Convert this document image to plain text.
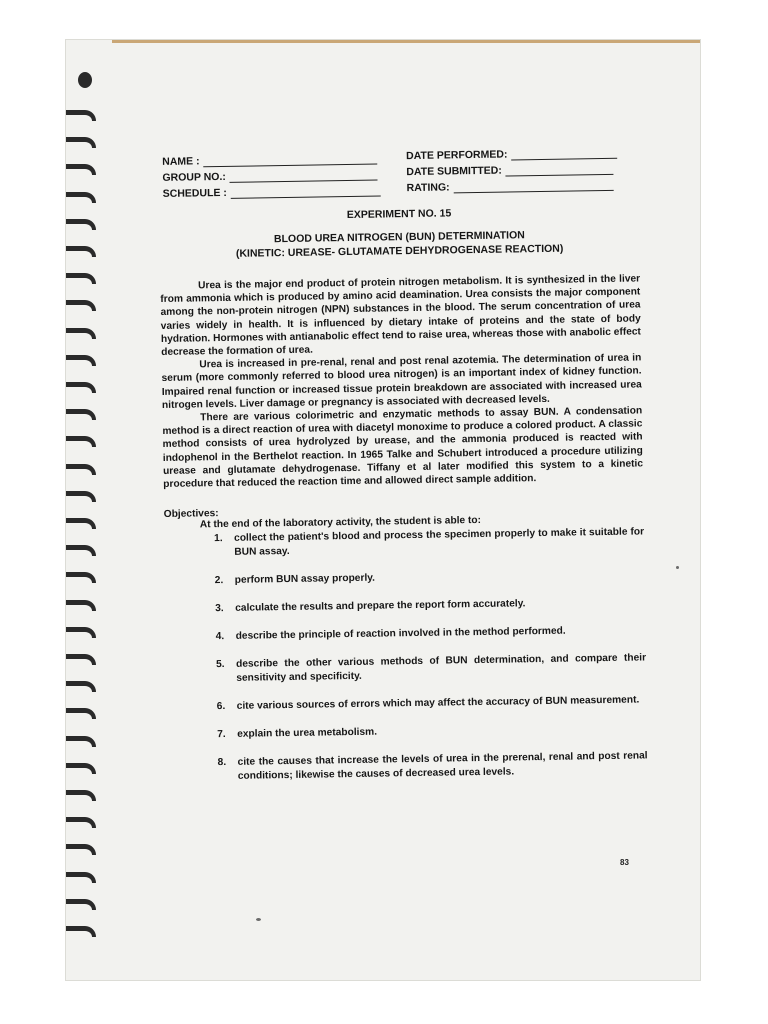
NAME :
GROUP NO.:
SCHEDULE :
DATE PERFORMED:
DATE SUBMITTED:
RATING:
EXPERIMENT NO. 15
BLOOD UREA NITROGEN (BUN) DETERMINATION
(KINETIC: UREASE- GLUTAMATE DEHYDROGENASE REACTION)

Urea is the major end product of protein nitrogen metabolism. It is synthesized in the liver from ammonia which is produced by amino acid deamination. Urea consists the major component among the non-protein nitrogen (NPN) substances in the blood. The serum concentration of urea varies widely in health. It is influenced by dietary intake of proteins and the state of body hydration. Hormones with antianabolic effect tend to raise urea, whereas those with anabolic effect decrease the formation of urea.

Urea is increased in pre-renal, renal and post renal azotemia. The determination of urea in serum (more commonly referred to blood urea nitrogen) is an important index of kidney function. Impaired renal function or increased tissue protein breakdown are associated with increased urea nitrogen levels. Liver damage or pregnancy is associated with decreased levels.

There are various colorimetric and enzymatic methods to assay BUN. A condensation method is a direct reaction of urea with diacetyl monoxime to produce a colored product. A classic method consists of urea hydrolyzed by urease, and the ammonia produced is reacted with indophenol in the Berthelot reaction. In 1965 Talke and Schubert introduced a procedure utilizing urease and glutamate dehydrogenase. Tiffany et al later modified this system to a kinetic procedure that reduced the reaction time and allowed direct sample addition.

Objectives:
At the end of the laboratory activity, the student is able to:
1.	collect the patient's blood and process the specimen properly to make it suitable for BUN assay.
2.	perform BUN assay properly.
3.	calculate the results and prepare the report form accurately.
4.	describe the principle of reaction involved in the method performed.
5.	describe the other various methods of BUN determination, and compare their sensitivity and specificity.
6.	cite various sources of errors which may affect the accuracy of BUN measurement.
7.	explain the urea metabolism.
8.	cite the causes that increase the levels of urea in the prerenal, renal and post renal conditions; likewise the causes of decreased urea levels.
83
